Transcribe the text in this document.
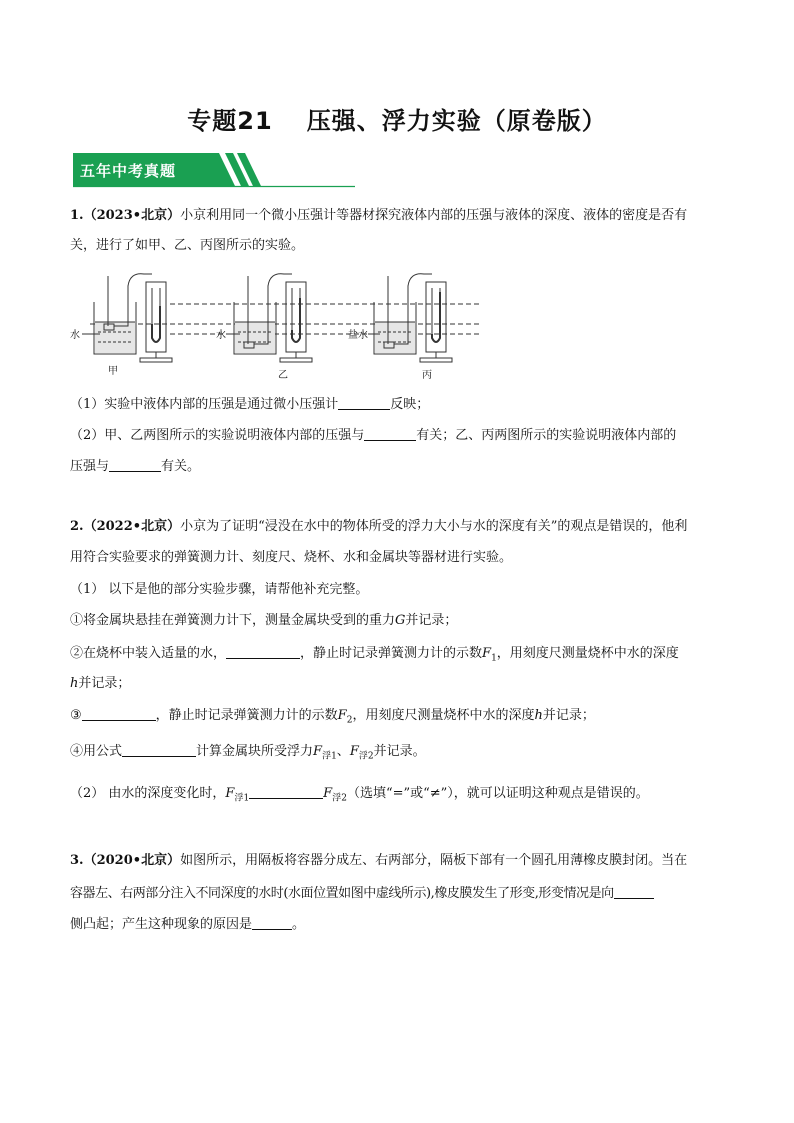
专题21 压强、浮力实验（原卷版）
五年中考真题
1.（2023•北京）小京利用同一个微小压强计等器材探究液体内部的压强与液体的深度、液体的密度是否有
关，进行了如甲、乙、丙图所示的实验。
水	水	盐水
甲	乙	丙
（1）实验中液体内部的压强是通过微小压强计	反映；
（2）甲、乙两图所示的实验说明液体内部的压强与	有关；乙、丙两图所示的实验说明液体内部的
压强与	有关。
2.（2022•北京）小京为了证明“浸没在水中的物体所受的浮力大小与水的深度有关”的观点是错误的，他利
用符合实验要求的弹簧测力计、刻度尺、烧杯、水和金属块等器材进行实验。
（1） 以下是他的部分实验步骤，请帮他补充完整。
①将金属块悬挂在弹簧测力计下，测量金属块受到的重力G并记录；
②在烧杯中装入适量的水，	，静止时记录弹簧测力计的示数$F_1$，用刻度尺测量烧杯中水的深度
h并记录；
③	，静止时记录弹簧测力计的示数$F_2$，用刻度尺测量烧杯中水的深度h并记录；
④用公式	计算金属块所受浮力$F_{浮1}$、$F_{浮2}$并记录。
（2） 由水的深度变化时，$F_{浮1}$	$F_{浮2}$（选填“=”或“≠”），就可以证明这种观点是错误的。
3.（2020•北京）如图所示，用隔板将容器分成左、右两部分，隔板下部有一个圆孔用薄橡皮膜封闭。当在
容器左、右两部分注入不同深度的水时(水面位置如图中虚线所示),橡皮膜发生了形变,形变情况是向
侧凸起；产生这种现象的原因是	。
